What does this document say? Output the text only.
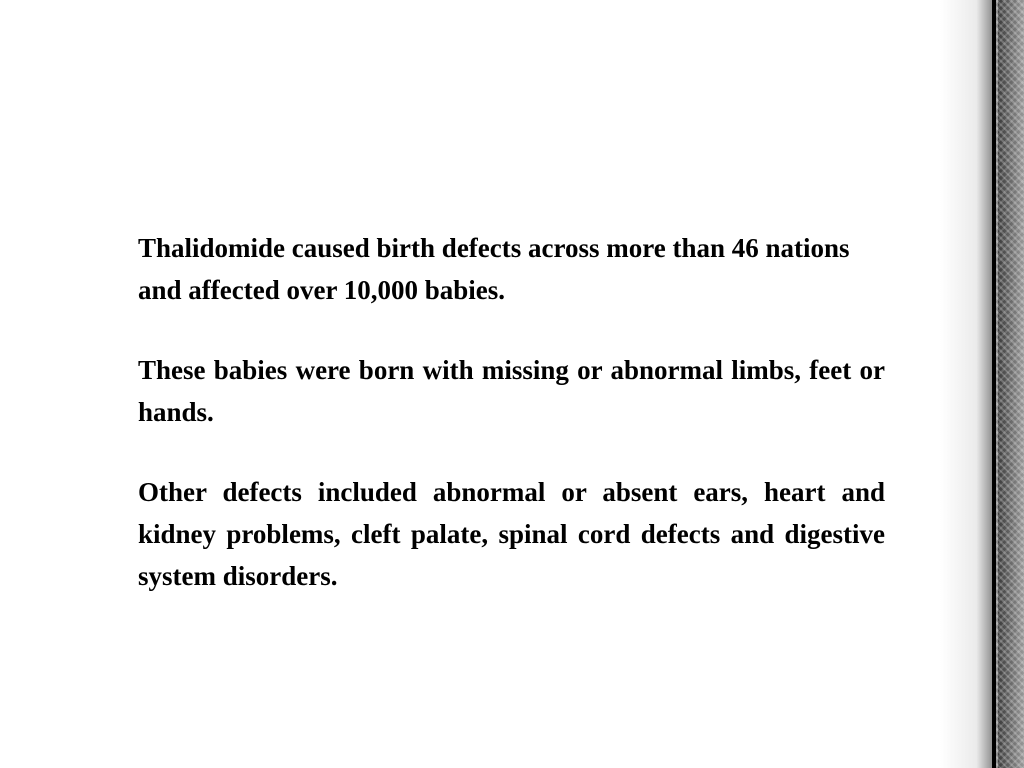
Thalidomide caused birth defects across more than 46 nations and affected over 10,000 babies.

These babies were born with missing or abnormal limbs, feet or hands.

Other defects included abnormal or absent ears, heart and kidney problems, cleft palate, spinal cord defects and digestive system disorders.
